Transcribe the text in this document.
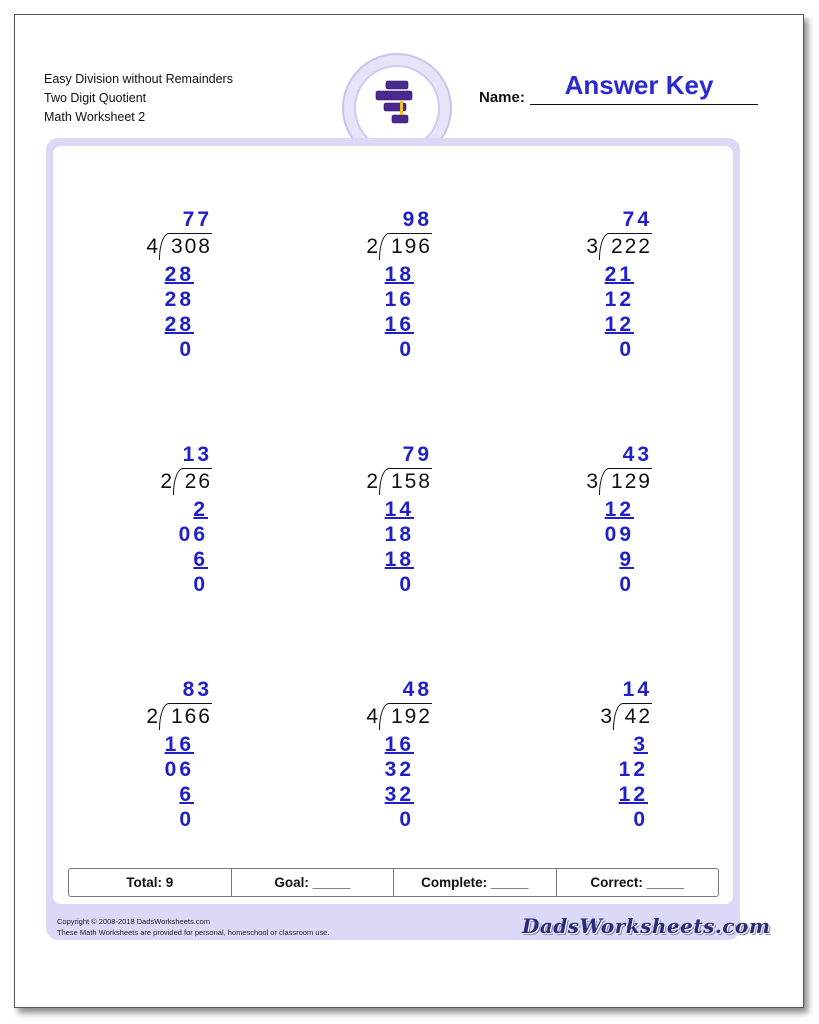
Easy Division without Remainders
Two Digit Quotient
Math Worksheet 2
Answer Key
Name:
77
308
4
28
28
28
0
98
196
2
18
16
16
0
74
222
3
21
12
12
0
13
26
2
2
06
6
0
79
158
2
14
18
18
0
43
129
3
12
09
9
0
83
166
2
16
06
6
0
48
192
4
16
32
32
0
14
42
3
3
12
12
0
Total: 9	Goal: _____	Complete: _____	Correct: _____
Copyright © 2008-2018 DadsWorksheets.com
These Math Worksheets are provided for personal, homeschool or classroom use.	DadsWorksheets.com
